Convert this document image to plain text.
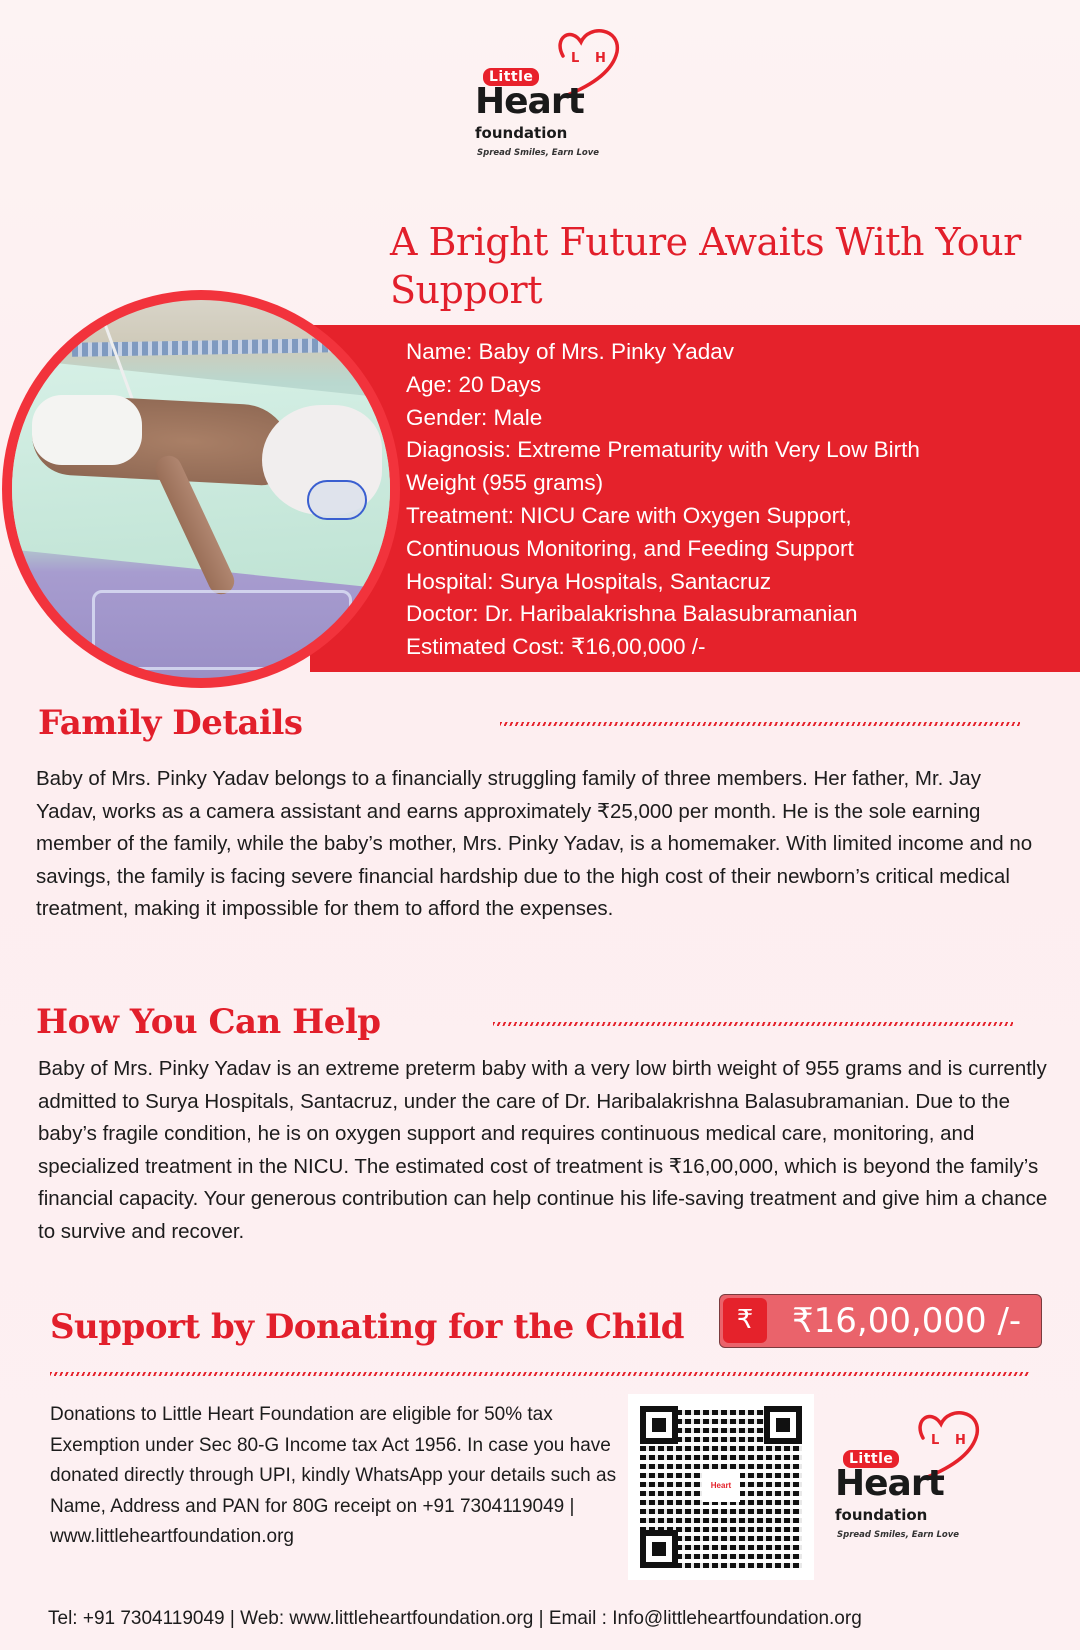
L H
Little
Heart
foundation
Spread Smiles, Earn Love
A Bright Future Awaits With Your Support
Name: Baby of Mrs. Pinky Yadav
Age: 20 Days
Gender: Male
Diagnosis: Extreme Prematurity with Very Low Birth
Weight (955 grams)
Treatment: NICU Care with Oxygen Support,
Continuous Monitoring, and Feeding Support
Hospital: Surya Hospitals, Santacruz
Doctor: Dr. Haribalakrishna Balasubramanian
Estimated Cost: ₹16,00,000 /-
Family Details

Baby of Mrs. Pinky Yadav belongs to a financially struggling family of three members. Her father, Mr. Jay Yadav, works as a camera assistant and earns approximately ₹25,000 per month. He is the sole earning member of the family, while the baby’s mother, Mrs. Pinky Yadav, is a homemaker. With limited income and no savings, the family is facing severe financial hardship due to the high cost of their newborn’s critical medical treatment, making it impossible for them to afford the expenses.

How You Can Help

Baby of Mrs. Pinky Yadav is an extreme preterm baby with a very low birth weight of 955 grams and is currently admitted to Surya Hospitals, Santacruz, under the care of Dr. Haribalakrishna Balasubramanian. Due to the baby’s fragile condition, he is on oxygen support and requires continuous medical care, monitoring, and specialized treatment in the NICU. The estimated cost of treatment is ₹16,00,000, which is beyond the family’s financial capacity. Your generous contribution can help continue his life-saving treatment and give him a chance to survive and recover.

Support by Donating for the Child	₹	₹16,00,000 /-

Donations to Little Heart Foundation are eligible for 50% tax Exemption under Sec 80-G Income tax Act 1956. In case you have donated directly through UPI, kindly WhatsApp your details such as Name, Address and PAN for 80G receipt on +91 7304119049 | www.littleheartfoundation.org

Heart
L H
Little
Heart
foundation
Spread Smiles, Earn Love
Tel: +91 7304119049 | Web: www.littleheartfoundation.org | Email : Info@littleheartfoundation.org
